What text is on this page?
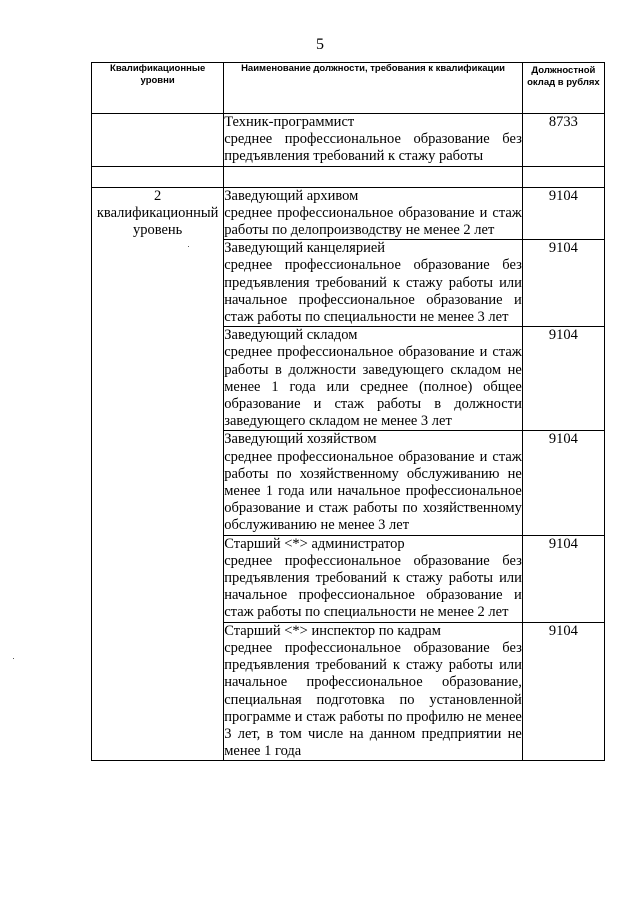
5
Квалификационные уровни	Наименование должности, требования к квалификации	Должностной оклад в рублях

	Техник-программист
среднее профессиональное образование без предъявления требований к стажу работы	8733

2 квалификационный уровень	Заведующий архивом
среднее профессиональное образование и стаж работы по делопроизводству не менее 2 лет	9104

	Заведующий канцелярией
среднее профессиональное образование без предъявления требований к стажу работы или начальное профессиональное образование и стаж работы по специальности не менее 3 лет	9104

	Заведующий складом
среднее профессиональное образование и стаж работы в должности заведующего складом не менее 1 года или среднее (полное) общее образование и стаж работы в должности заведующего складом не менее 3 лет	9104

	Заведующий хозяйством
среднее профессиональное образование и стаж работы по хозяйственному обслуживанию не менее 1 года или начальное профессиональное образование и стаж работы по хозяйственному обслуживанию не менее 3 лет	9104

	Старший <*> администратор
среднее профессиональное образование без предъявления требований к стажу работы или начальное профессиональное образование и стаж работы по специальности не менее 2 лет	9104

	Старший <*> инспектор по кадрам
среднее профессиональное образование без предъявления требований к стажу работы или начальное профессиональное образование, специальная подготовка по установленной программе и стаж работы по профилю не менее 3 лет, в том числе на данном предприятии не менее 1 года	9104
